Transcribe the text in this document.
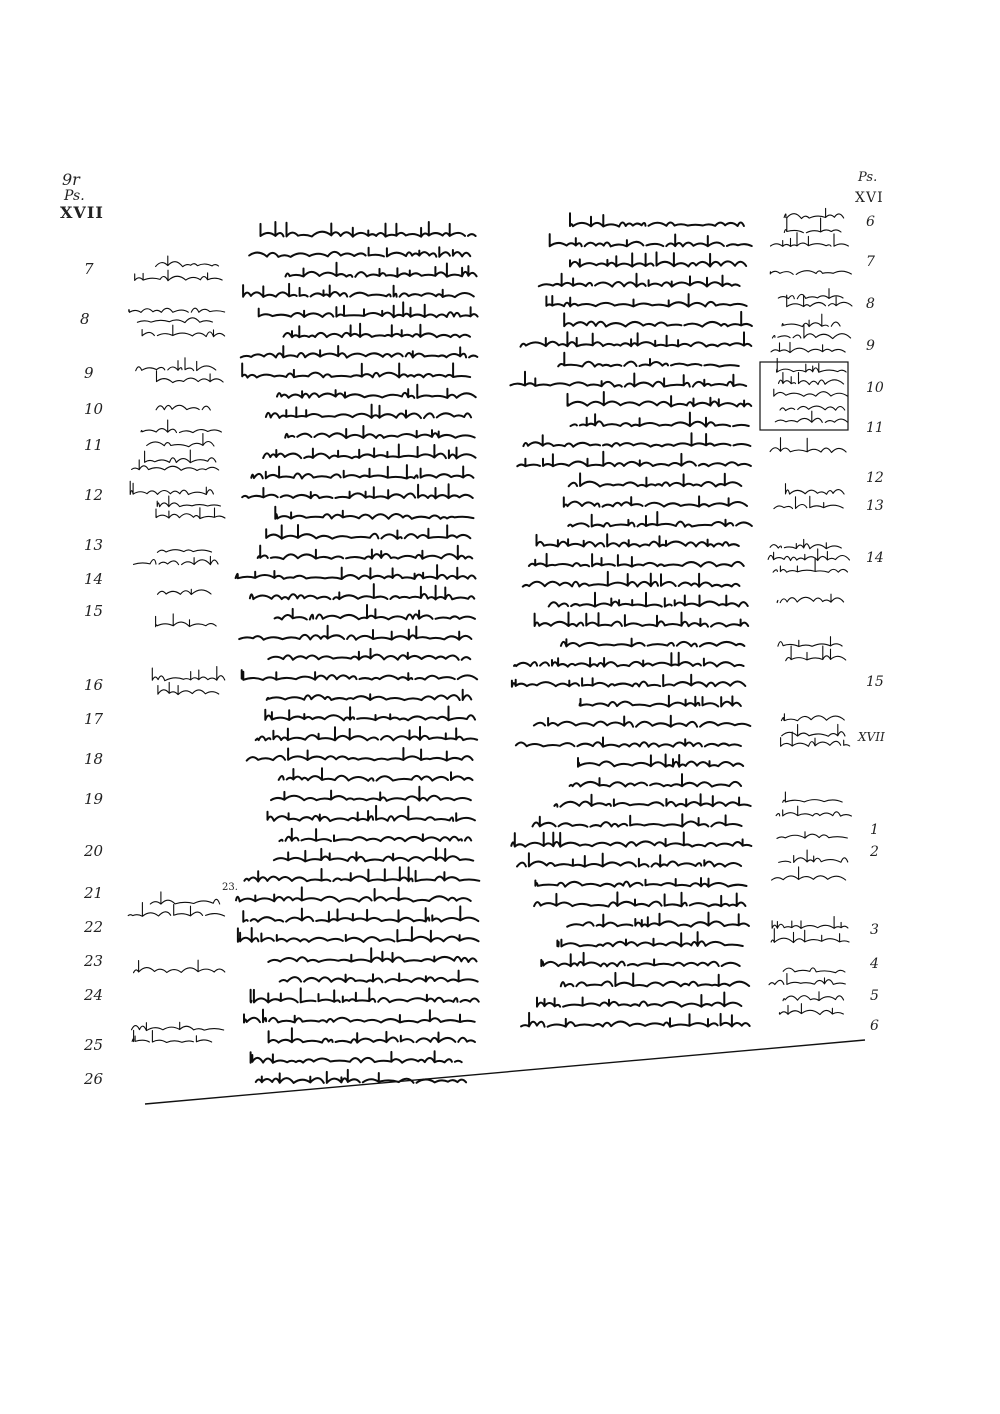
9r
Ps.
XVII
Ps.
XVI
7
8
9
10
11
12
13
14
15
16
17
18
19
20
21
22
23
24
25
26
6
7
8
9
10
11
12
13
14
15
XVII
1
2
3
4
5
6
23.
